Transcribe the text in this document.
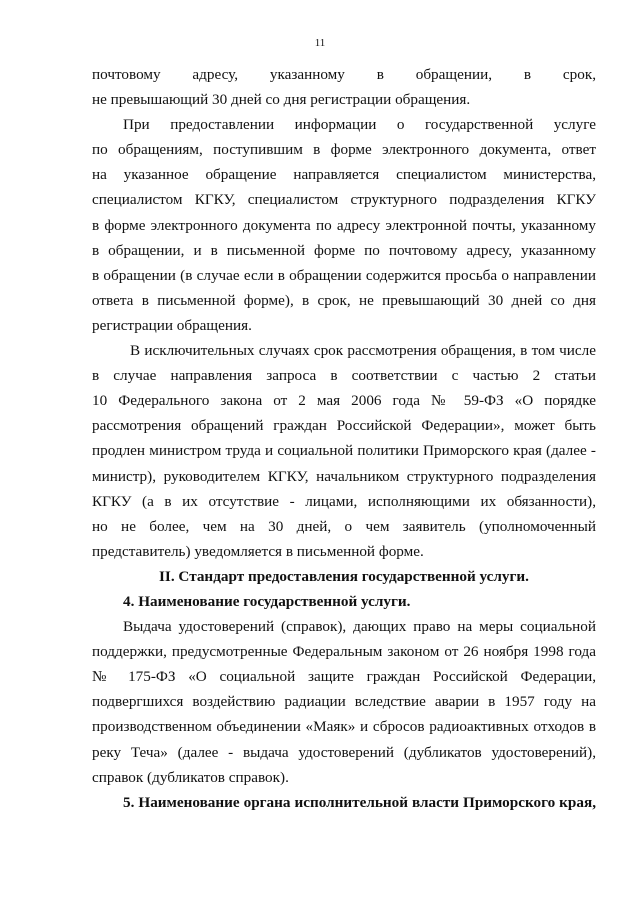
11
почтовому адресу, указанному в обращении, в срок,
не превышающий 30 дней со дня регистрации обращения.
При предоставлении информации о государственной услуге
по обращениям, поступившим в форме электронного документа, ответ
на указанное обращение направляется специалистом министерства,
специалистом КГКУ, специалистом структурного подразделения КГКУ
в форме электронного документа по адресу электронной почты, указанному
в обращении, и в письменной форме по почтовому адресу, указанному
в обращении (в случае если в обращении содержится просьба о направлении
ответа в письменной форме), в срок, не превышающий 30 дней со дня
регистрации обращения.
В исключительных случаях срок рассмотрения обращения, в том числе
в случае направления запроса в соответствии с частью 2 статьи
10 Федерального закона от 2 мая 2006 года № 59-ФЗ «О порядке
рассмотрения обращений граждан Российской Федерации», может быть
продлен министром труда и социальной политики Приморского края (далее -
министр), руководителем КГКУ, начальником структурного подразделения
КГКУ (а в их отсутствие - лицами, исполняющими их обязанности),
но не более, чем на 30 дней, о чем заявитель (уполномоченный
представитель) уведомляется в письменной форме.
II. Стандарт предоставления государственной услуги.
4. Наименование государственной услуги.
Выдача удостоверений (справок), дающих право на меры социальной
поддержки, предусмотренные Федеральным законом от 26 ноября 1998 года
№ 175-ФЗ «О социальной защите граждан Российской Федерации,
подвергшихся воздействию радиации вследствие аварии в 1957 году на
производственном объединении «Маяк» и сбросов радиоактивных отходов в
реку Теча» (далее - выдача удостоверений (дубликатов удостоверений),
справок (дубликатов справок).
5. Наименование органа исполнительной власти Приморского края,
